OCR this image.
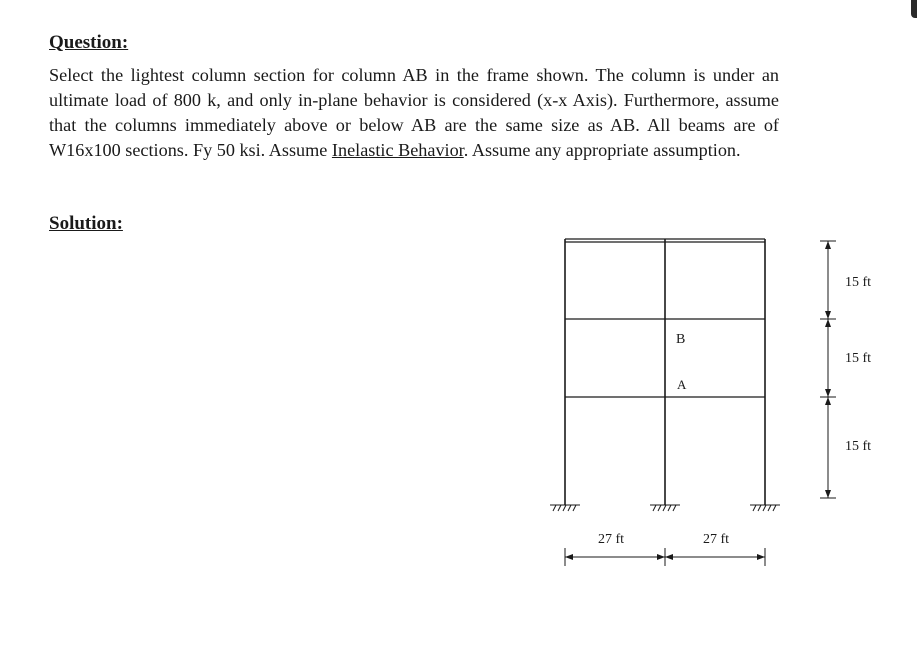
Question:

Select the lightest column section for column AB in the frame shown. The column is under an ultimate load of 800 k, and only in-plane behavior is considered (x-x Axis). Furthermore, assume that the columns immediately above or below AB are the same size as AB. All beams are of W16x100 sections. Fy 50 ksi. Assume Inelastic Behavior. Assume any appropriate assumption.

Solution:
B
A
27 ft	27 ft
15 ft
15 ft
15 ft
